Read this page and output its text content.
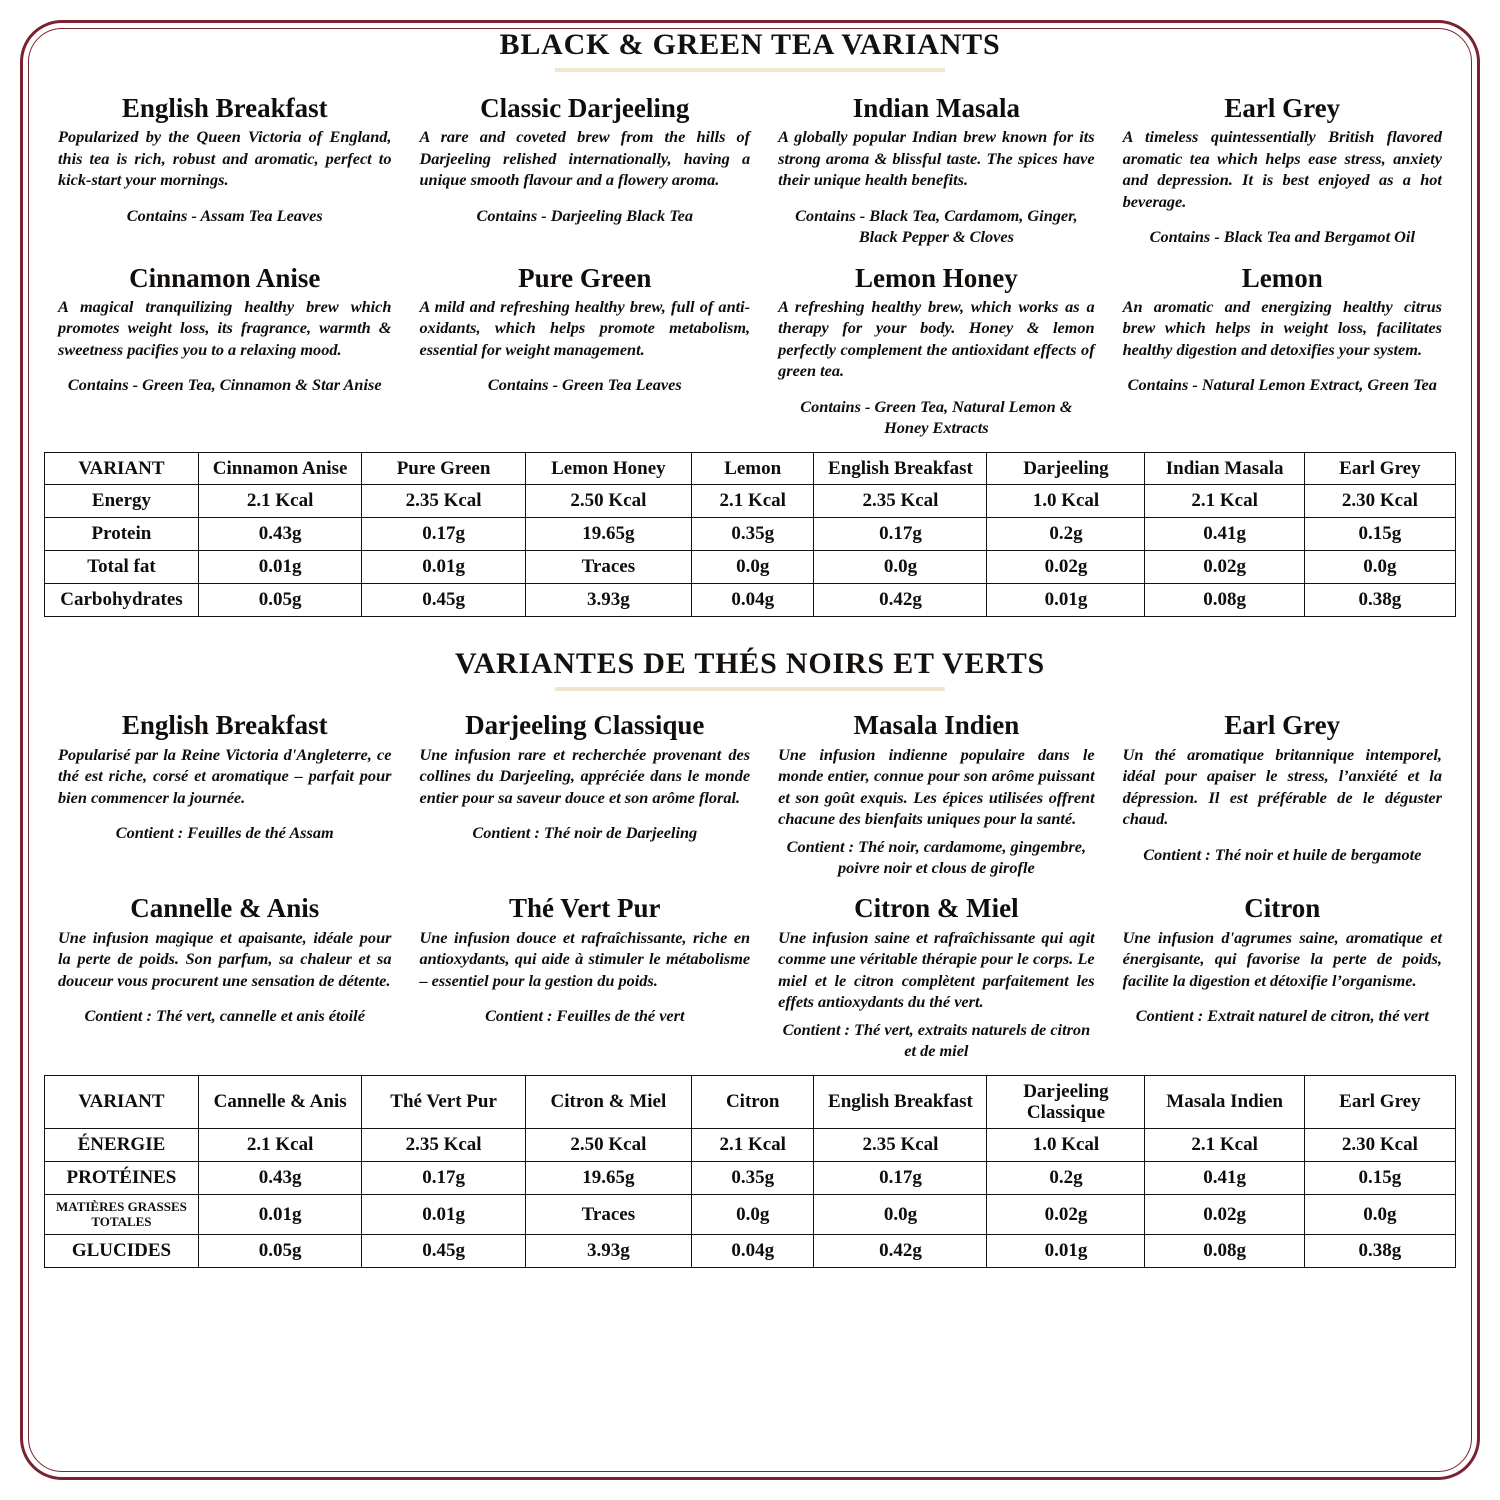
BLACK & GREEN TEA VARIANTS
English Breakfast
Popularized by the Queen Victoria of England, this tea is rich, robust and aromatic, perfect to kick-start your mornings.
Contains - Assam Tea Leaves
Classic Darjeeling
A rare and coveted brew from the hills of Darjeeling relished internationally, having a unique smooth flavour and a flowery aroma.
Contains - Darjeeling Black Tea
Indian Masala
A globally popular Indian brew known for its strong aroma & blissful taste. The spices have their unique health benefits.
Contains - Black Tea, Cardamom, Ginger, Black Pepper & Cloves
Earl Grey
A timeless quintessentially British flavored aromatic tea which helps ease stress, anxiety and depression. It is best enjoyed as a hot beverage.
Contains - Black Tea and Bergamot Oil
Cinnamon Anise
A magical tranquilizing healthy brew which promotes weight loss, its fragrance, warmth & sweetness pacifies you to a relaxing mood.
Contains - Green Tea, Cinnamon & Star Anise
Pure Green
A mild and refreshing healthy brew, full of anti-oxidants, which helps promote metabolism, essential for weight management.
Contains - Green Tea Leaves
Lemon Honey
A refreshing healthy brew, which works as a therapy for your body. Honey & lemon perfectly complement the antioxidant effects of green tea.
Contains - Green Tea, Natural Lemon & Honey Extracts
Lemon
An aromatic and energizing healthy citrus brew which helps in weight loss, facilitates healthy digestion and detoxifies your system.
Contains - Natural Lemon Extract, Green Tea
VARIANT	Cinnamon Anise	Pure Green	Lemon Honey	Lemon	English Breakfast	Darjeeling	Indian Masala	Earl Grey
Energy	2.1 Kcal	2.35 Kcal	2.50 Kcal	2.1 Kcal	2.35 Kcal	1.0 Kcal	2.1 Kcal	2.30 Kcal
Protein	0.43g	0.17g	19.65g	0.35g	0.17g	0.2g	0.41g	0.15g
Total fat	0.01g	0.01g	Traces	0.0g	0.0g	0.02g	0.02g	0.0g
Carbohydrates	0.05g	0.45g	3.93g	0.04g	0.42g	0.01g	0.08g	0.38g
VARIANTES DE THÉS NOIRS ET VERTS
English Breakfast
Popularisé par la Reine Victoria d'Angleterre, ce thé est riche, corsé et aromatique – parfait pour bien commencer la journée.
Contient : Feuilles de thé Assam
Darjeeling Classique
Une infusion rare et recherchée provenant des collines du Darjeeling, appréciée dans le monde entier pour sa saveur douce et son arôme floral.
Contient : Thé noir de Darjeeling
Masala Indien
Une infusion indienne populaire dans le monde entier, connue pour son arôme puissant et son goût exquis. Les épices utilisées offrent chacune des bienfaits uniques pour la santé.
Contient : Thé noir, cardamome, gingembre, poivre noir et clous de girofle
Earl Grey
Un thé aromatique britannique intemporel, idéal pour apaiser le stress, l’anxiété et la dépression. Il est préférable de le déguster chaud.
Contient : Thé noir et huile de bergamote
Cannelle & Anis
Une infusion magique et apaisante, idéale pour la perte de poids. Son parfum, sa chaleur et sa douceur vous procurent une sensation de détente.
Contient : Thé vert, cannelle et anis étoilé
Thé Vert Pur
Une infusion douce et rafraîchissante, riche en antioxydants, qui aide à stimuler le métabolisme – essentiel pour la gestion du poids.
Contient : Feuilles de thé vert
Citron & Miel
Une infusion saine et rafraîchissante qui agit comme une véritable thérapie pour le corps. Le miel et le citron complètent parfaitement les effets antioxydants du thé vert.
Contient : Thé vert, extraits naturels de citron et de miel
Citron
Une infusion d'agrumes saine, aromatique et énergisante, qui favorise la perte de poids, facilite la digestion et détoxifie l’organisme.
Contient : Extrait naturel de citron, thé vert
VARIANT	Cannelle & Anis	Thé Vert Pur	Citron & Miel	Citron	English Breakfast	Darjeeling Classique	Masala Indien	Earl Grey
ÉNERGIE	2.1 Kcal	2.35 Kcal	2.50 Kcal	2.1 Kcal	2.35 Kcal	1.0 Kcal	2.1 Kcal	2.30 Kcal
PROTÉINES	0.43g	0.17g	19.65g	0.35g	0.17g	0.2g	0.41g	0.15g
MATIÈRES GRASSES TOTALES	0.01g	0.01g	Traces	0.0g	0.0g	0.02g	0.02g	0.0g
GLUCIDES	0.05g	0.45g	3.93g	0.04g	0.42g	0.01g	0.08g	0.38g
